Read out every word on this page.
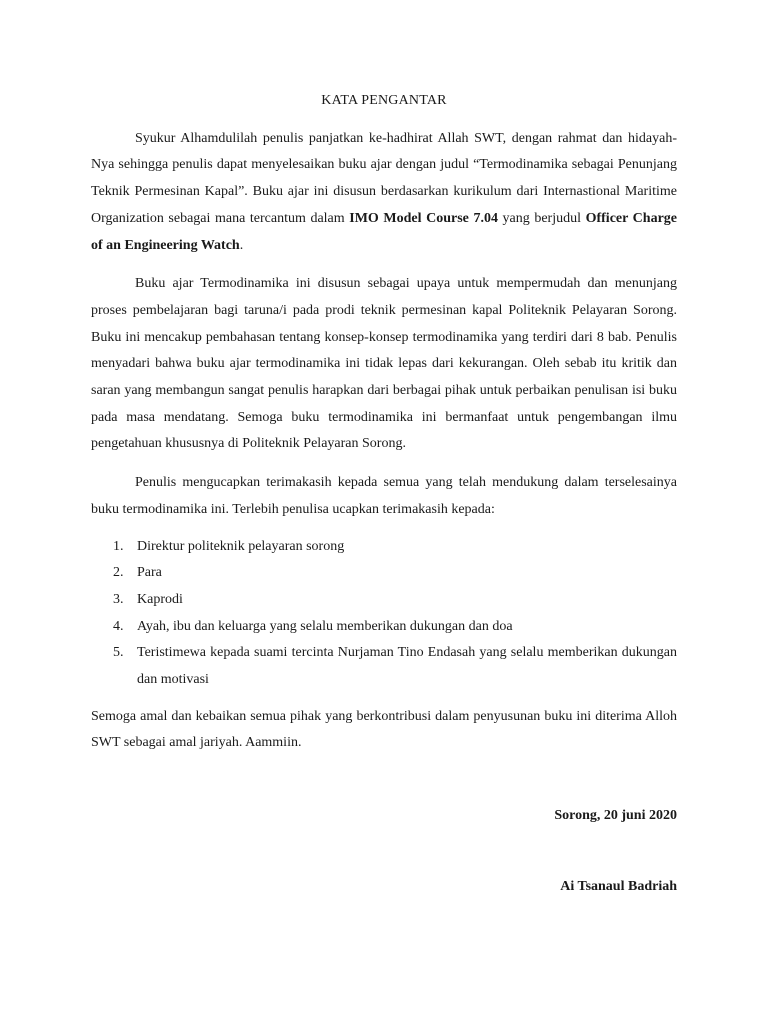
KATA PENGANTAR

Syukur Alhamdulilah penulis panjatkan ke-hadhirat Allah SWT, dengan rahmat dan hidayah-Nya sehingga penulis dapat menyelesaikan buku ajar dengan judul “Termodinamika sebagai Penunjang Teknik Permesinan Kapal”. Buku ajar ini disusun berdasarkan kurikulum dari Internastional Maritime Organization sebagai mana tercantum dalam IMO Model Course 7.04 yang berjudul Officer Charge of an Engineering Watch.

Buku ajar Termodinamika ini disusun sebagai upaya untuk mempermudah dan menunjang proses pembelajaran bagi taruna/i pada prodi teknik permesinan kapal Politeknik Pelayaran Sorong. Buku ini mencakup pembahasan tentang konsep-konsep termodinamika yang terdiri dari 8 bab. Penulis menyadari bahwa buku ajar termodinamika ini tidak lepas dari kekurangan. Oleh sebab itu kritik dan saran yang membangun sangat penulis harapkan dari berbagai pihak untuk perbaikan penulisan isi buku pada masa mendatang. Semoga buku termodinamika ini bermanfaat untuk pengembangan ilmu pengetahuan khususnya di Politeknik Pelayaran Sorong.

Penulis mengucapkan terimakasih kepada semua yang telah mendukung dalam terselesainya buku termodinamika ini. Terlebih penulisa ucapkan terimakasih kepada:

1. Direktur politeknik pelayaran sorong
2. Para
3. Kaprodi
4. Ayah, ibu dan keluarga yang selalu memberikan dukungan dan doa
5. Teristimewa kepada suami tercinta Nurjaman Tino Endasah yang selalu memberikan dukungan dan motivasi

Semoga amal dan kebaikan semua pihak yang berkontribusi dalam penyusunan buku ini diterima Alloh SWT sebagai amal jariyah. Aammiin.

Sorong, 20 juni 2020
Ai Tsanaul Badriah
